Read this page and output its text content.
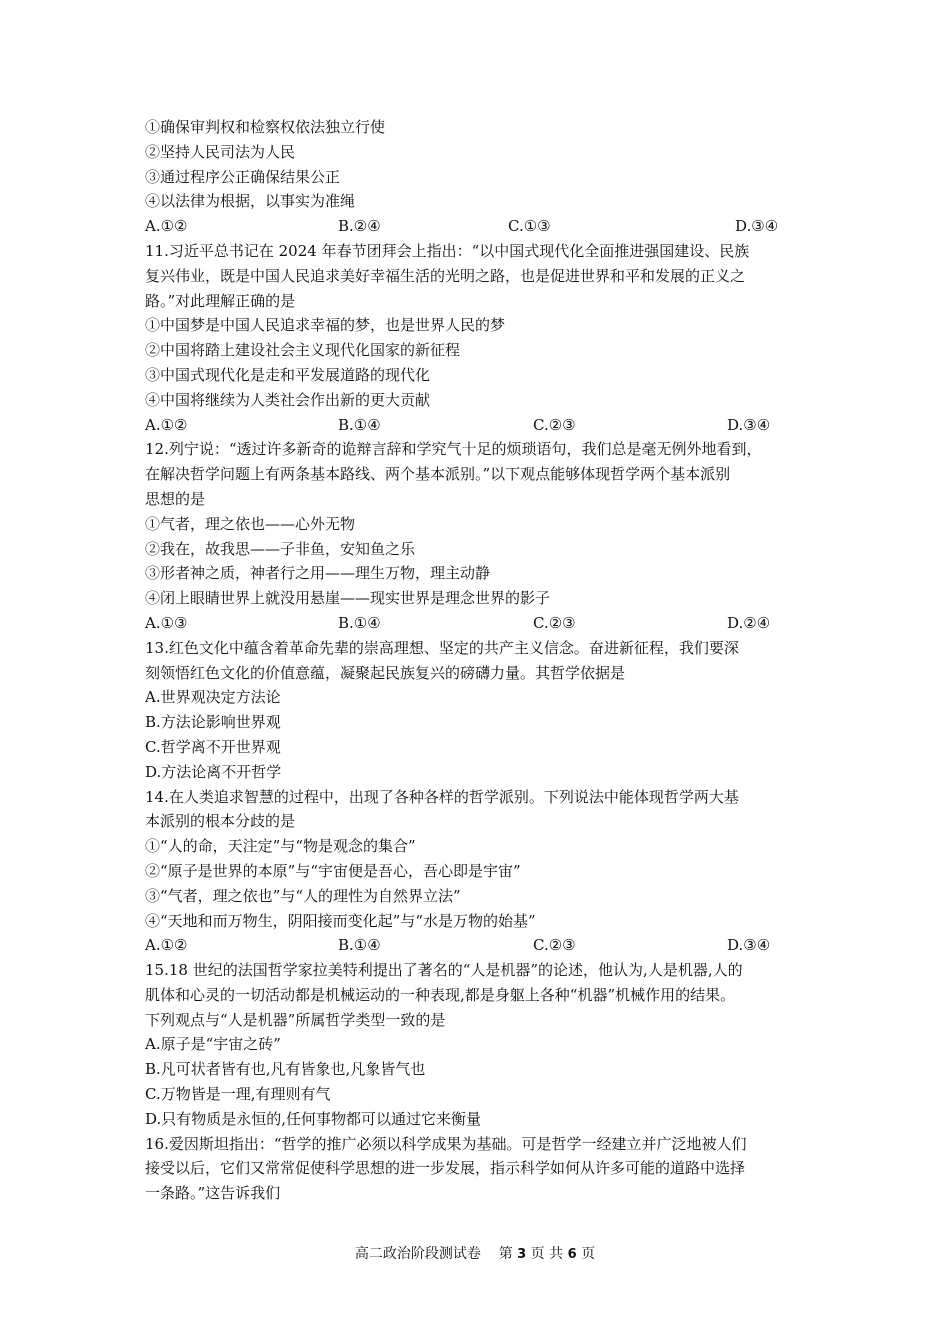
①确保审判权和检察权依法独立行使
②坚持人民司法为人民
③通过程序公正确保结果公正
④以法律为根据，以事实为准绳
A.①②	B.②④	C.①③	D.③④
11.习近平总书记在 2024 年春节团拜会上指出：“以中国式现代化全面推进强国建设、民族
复兴伟业，既是中国人民追求美好幸福生活的光明之路，也是促进世界和平和发展的正义之
路。”对此理解正确的是
①中国梦是中国人民追求幸福的梦，也是世界人民的梦
②中国将踏上建设社会主义现代化国家的新征程
③中国式现代化是走和平发展道路的现代化
④中国将继续为人类社会作出新的更大贡献
A.①②	B.①④	C.②③	D.③④
12.列宁说：“透过许多新奇的诡辩言辞和学究气十足的烦琐语句，我们总是毫无例外地看到，
在解决哲学问题上有两条基本路线、两个基本派别。”以下观点能够体现哲学两个基本派别
思想的是
①气者，理之依也——心外无物
②我在，故我思——子非鱼，安知鱼之乐
③形者神之质，神者行之用——理生万物，理主动静
④闭上眼睛世界上就没用悬崖——现实世界是理念世界的影子
A.①③	B.①④	C.②③	D.②④
13.红色文化中蕴含着革命先辈的崇高理想、坚定的共产主义信念。奋进新征程，我们要深
刻领悟红色文化的价值意蕴，凝聚起民族复兴的磅礴力量。其哲学依据是
A.世界观决定方法论
B.方法论影响世界观
C.哲学离不开世界观
D.方法论离不开哲学
14.在人类追求智慧的过程中，出现了各种各样的哲学派别。下列说法中能体现哲学两大基
本派别的根本分歧的是
①“人的命，天注定”与“物是观念的集合”
②“原子是世界的本原”与“宇宙便是吾心，吾心即是宇宙”
③“气者，理之依也”与“人的理性为自然界立法”
④“天地和而万物生，阴阳接而变化起”与“水是万物的始基”
A.①②	B.①④	C.②③	D.③④
15.18 世纪的法国哲学家拉美特利提出了著名的“人是机器”的论述，他认为,人是机器,人的
肌体和心灵的一切活动都是机械运动的一种表现,都是身躯上各种“机器”机械作用的结果。
下列观点与“人是机器”所属哲学类型一致的是
A.原子是“宇宙之砖”
B.凡可状者皆有也,凡有皆象也,凡象皆气也
C.万物皆是一理,有理则有气
D.只有物质是永恒的,任何事物都可以通过它来衡量
16.爱因斯坦指出：“哲学的推广必须以科学成果为基础。可是哲学一经建立并广泛地被人们
接受以后，它们又常常促使科学思想的进一步发展，指示科学如何从许多可能的道路中选择
一条路。”这告诉我们
高二政治阶段测试卷 第 3 页 共 6 页
